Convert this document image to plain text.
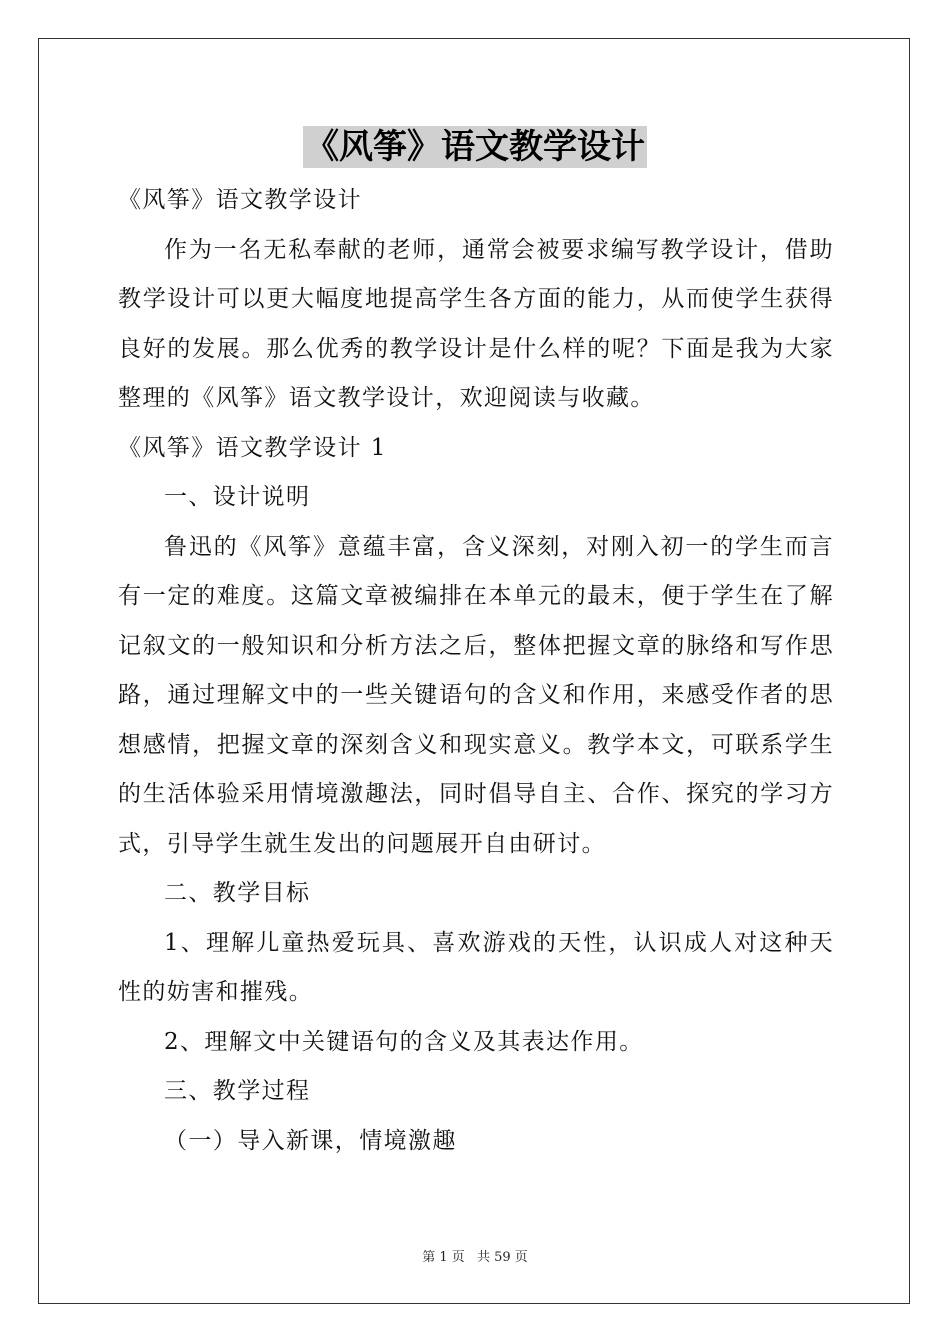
《风筝》语文教学设计

《风筝》语文教学设计

作为一名无私奉献的老师，通常会被要求编写教学设计，借助教学设计可以更大幅度地提高学生各方面的能力，从而使学生获得良好的发展。那么优秀的教学设计是什么样的呢？下面是我为大家整理的《风筝》语文教学设计，欢迎阅读与收藏。

《风筝》语文教学设计 1

一、设计说明

鲁迅的《风筝》意蕴丰富，含义深刻，对刚入初一的学生而言有一定的难度。这篇文章被编排在本单元的最末，便于学生在了解记叙文的一般知识和分析方法之后，整体把握文章的脉络和写作思路，通过理解文中的一些关键语句的含义和作用，来感受作者的思想感情，把握文章的深刻含义和现实意义。教学本文，可联系学生的生活体验采用情境激趣法，同时倡导自主、合作、探究的学习方式，引导学生就生发出的问题展开自由研讨。

二、教学目标

1、理解儿童热爱玩具、喜欢游戏的天性，认识成人对这种天性的妨害和摧残。

2、理解文中关键语句的含义及其表达作用。

三、教学过程

（一）导入新课，情境激趣

第 1 页 共 59 页
